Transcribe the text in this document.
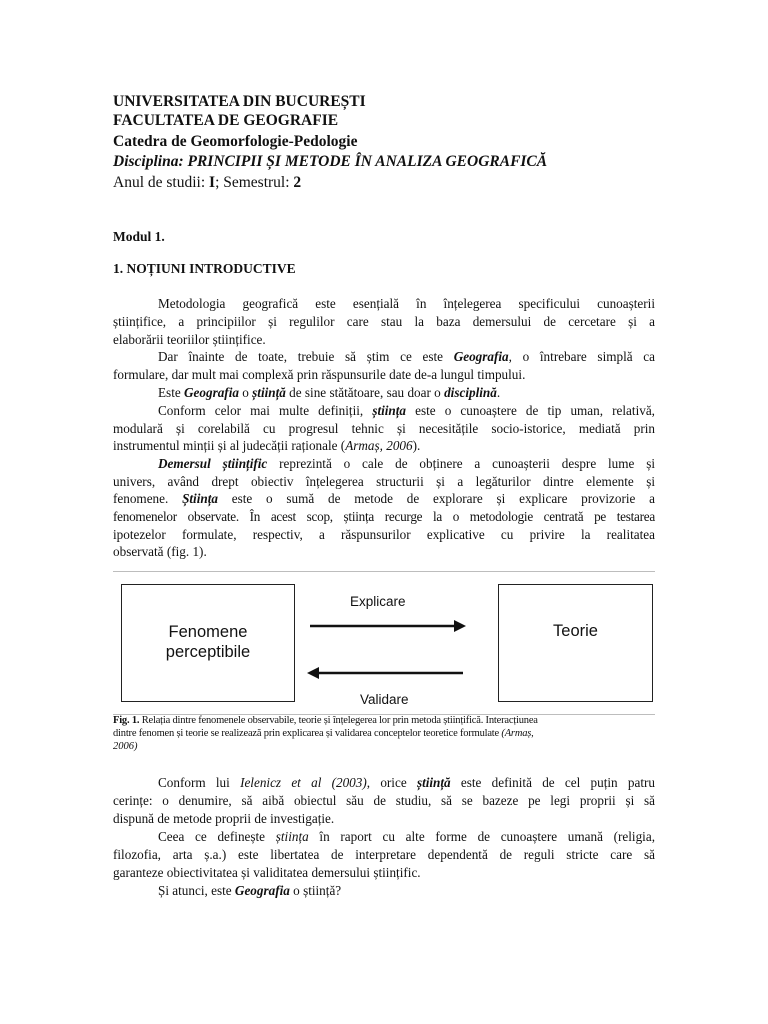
UNIVERSITATEA DIN BUCUREȘTI
FACULTATEA DE GEOGRAFIE
Catedra de Geomorfologie-Pedologie
Disciplina: PRINCIPII ȘI METODE ÎN ANALIZA GEOGRAFICĂ
Anul de studii: I; Semestrul: 2
Modul 1.
1. NOȚIUNI INTRODUCTIVE
Metodologia geografică este esențială în înțelegerea specificului cunoașterii
științifice, a principiilor și regulilor care stau la baza demersului de cercetare și a
elaborării teoriilor științifice.
Dar înainte de toate, trebuie să știm ce este Geografia, o întrebare simplă ca
formulare, dar mult mai complexă prin răspunsurile date de-a lungul timpului.
Este Geografia o știință de sine stătătoare, sau doar o disciplină.
Conform celor mai multe definiții, știința este o cunoaștere de tip uman, relativă,
modulară și corelabilă cu progresul tehnic și necesitățile socio-istorice, mediată prin
instrumentul minții și al judecății raționale (Armaș, 2006).
Demersul științific reprezintă o cale de obținere a cunoașterii despre lume și
univers, având drept obiectiv înțelegerea structurii și a legăturilor dintre elemente și
fenomene. Știința este o sumă de metode de explorare și explicare provizorie a
fenomenelor observate. În acest scop, știința recurge la o metodologie centrată pe testarea
ipotezelor formulate, respectiv, a răspunsurilor explicative cu privire la realitatea
observată (fig. 1).
Fenomene
perceptibile
Teorie
Explicare
Validare
Fig. 1. Relația dintre fenomenele observabile, teorie și înțelegerea lor prin metoda științifică. Interacțiunea
dintre fenomen și teorie se realizează prin explicarea și validarea conceptelor teoretice formulate (Armaș,
2006)
Conform lui Ielenicz et al (2003), orice știință este definită de cel puțin patru
cerințe: o denumire, să aibă obiectul său de studiu, să se bazeze pe legi proprii și să
dispună de metode proprii de investigație.
Ceea ce definește știința în raport cu alte forme de cunoaștere umană (religia,
filozofia, arta ș.a.) este libertatea de interpretare dependentă de reguli stricte care să
garanteze obiectivitatea și validitatea demersului științific.
Și atunci, este Geografia o știință?
